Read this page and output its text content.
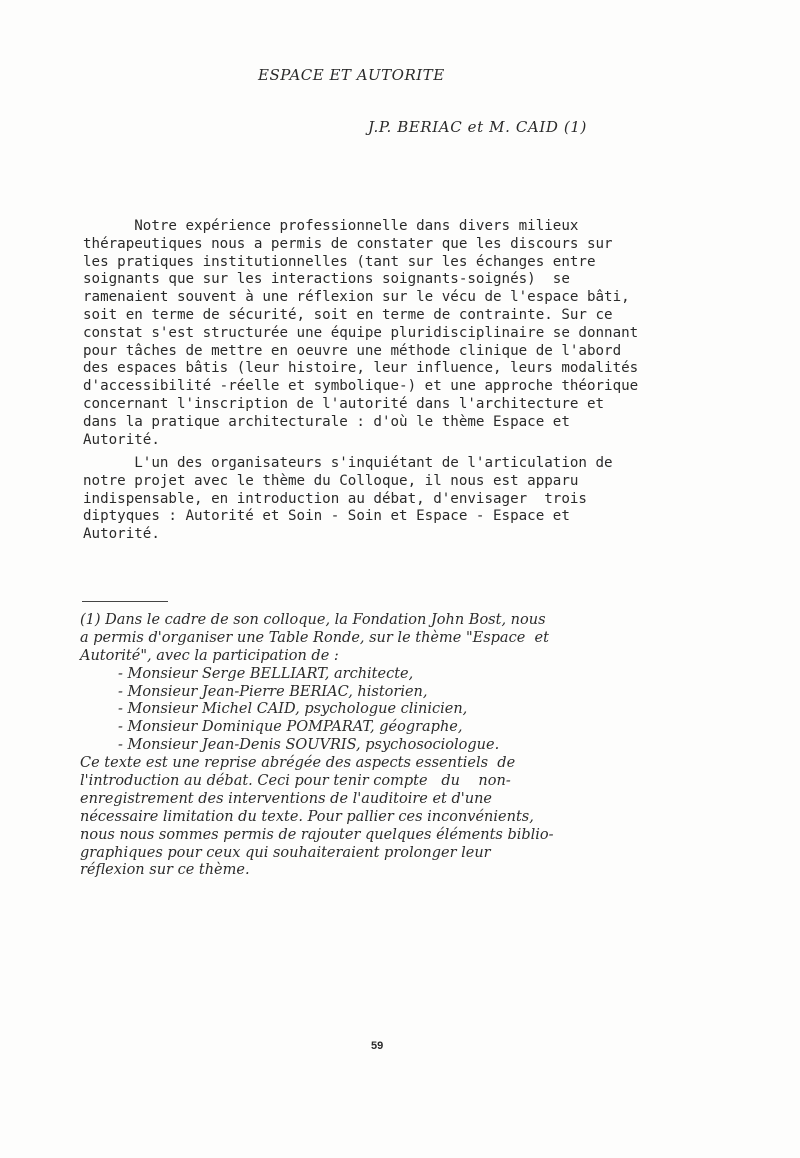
ESPACE ET AUTORITE
J.P. BERIAC et M. CAID (1)
Notre expérience professionnelle dans divers milieux
thérapeutiques nous a permis de constater que les discours sur
les pratiques institutionnelles (tant sur les échanges entre
soignants que sur les interactions soignants-soignés)  se
ramenaient souvent à une réflexion sur le vécu de l'espace bâti,
soit en terme de sécurité, soit en terme de contrainte. Sur ce
constat s'est structurée une équipe pluridisciplinaire se donnant
pour tâches de mettre en oeuvre une méthode clinique de l'abord
des espaces bâtis (leur histoire, leur influence, leurs modalités
d'accessibilité -réelle et symbolique-) et une approche théorique
concernant l'inscription de l'autorité dans l'architecture et
dans la pratique architecturale : d'où le thème Espace et
Autorité.
L'un des organisateurs s'inquiétant de l'articulation de
notre projet avec le thème du Colloque, il nous est apparu
indispensable, en introduction au débat, d'envisager  trois
diptyques : Autorité et Soin - Soin et Espace - Espace et
Autorité.
(1) Dans le cadre de son colloque, la Fondation John Bost, nous
a permis d'organiser une Table Ronde, sur le thème "Espace  et
Autorité", avec la participation de :
- Monsieur Serge BELLIART, architecte,
- Monsieur Jean-Pierre BERIAC, historien,
- Monsieur Michel CAID, psychologue clinicien,
- Monsieur Dominique POMPARAT, géographe,
- Monsieur Jean-Denis SOUVRIS, psychosociologue.
Ce texte est une reprise abrégée des aspects essentiels  de
l'introduction au débat. Ceci pour tenir compte   du    non-
enregistrement des interventions de l'auditoire et d'une
nécessaire limitation du texte. Pour pallier ces inconvénients,
nous nous sommes permis de rajouter quelques éléments biblio-
graphiques pour ceux qui souhaiteraient prolonger leur
réflexion sur ce thème.
59
